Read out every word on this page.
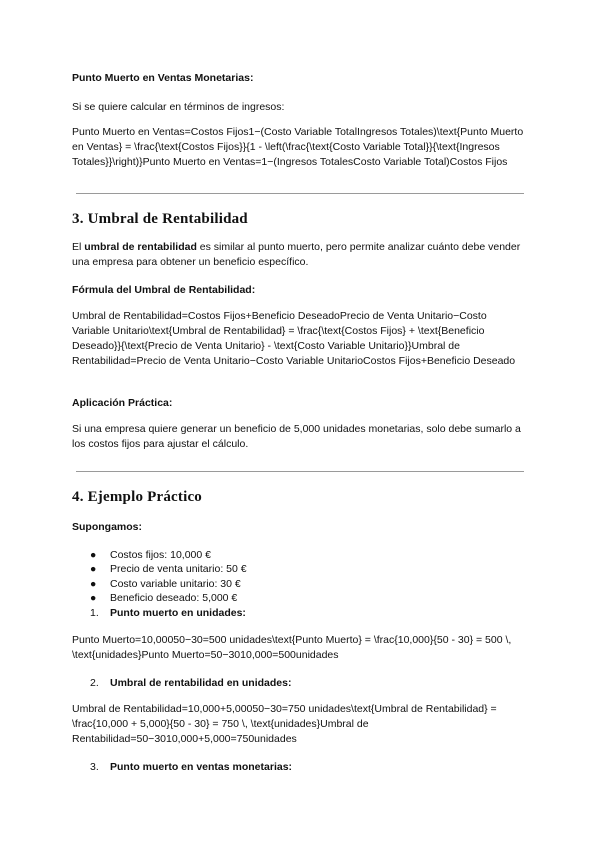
Punto Muerto en Ventas Monetarias:

Si se quiere calcular en términos de ingresos:

Punto Muerto en Ventas=Costos Fijos1−(Costo Variable TotalIngresos Totales)\text{Punto Muerto en Ventas} = \frac{\text{Costos Fijos}}{1 - \left(\frac{\text{Costo Variable Total}}{\text{Ingresos Totales}}\right)}Punto Muerto en Ventas=1−(Ingresos TotalesCosto Variable Total)Costos Fijos

3. Umbral de Rentabilidad

El umbral de rentabilidad es similar al punto muerto, pero permite analizar cuánto debe vender una empresa para obtener un beneficio específico.

Fórmula del Umbral de Rentabilidad:

Umbral de Rentabilidad=Costos Fijos+Beneficio DeseadoPrecio de Venta Unitario−Costo Variable Unitario\text{Umbral de Rentabilidad} = \frac{\text{Costos Fijos} + \text{Beneficio Deseado}}{\text{Precio de Venta Unitario} - \text{Costo Variable Unitario}}Umbral de Rentabilidad=Precio de Venta Unitario−Costo Variable UnitarioCostos Fijos+Beneficio Deseado

Aplicación Práctica:

Si una empresa quiere generar un beneficio de 5,000 unidades monetarias, solo debe sumarlo a los costos fijos para ajustar el cálculo.

4. Ejemplo Práctico

Supongamos:

●	Costos fijos: 10,000 €
●	Precio de venta unitario: 50 €
●	Costo variable unitario: 30 €
●	Beneficio deseado: 5,000 €
1. Punto muerto en unidades:

Punto Muerto=10,00050−30=500 unidades\text{Punto Muerto} = \frac{10,000}{50 - 30} = 500 \, \text{unidades}Punto Muerto=50−3010,000=500unidades

2. Umbral de rentabilidad en unidades:

Umbral de Rentabilidad=10,000+5,00050−30=750 unidades\text{Umbral de Rentabilidad} = \frac{10,000 + 5,000}{50 - 30} = 750 \, \text{unidades}Umbral de Rentabilidad=50−3010,000+5,000=750unidades

3. Punto muerto en ventas monetarias:
